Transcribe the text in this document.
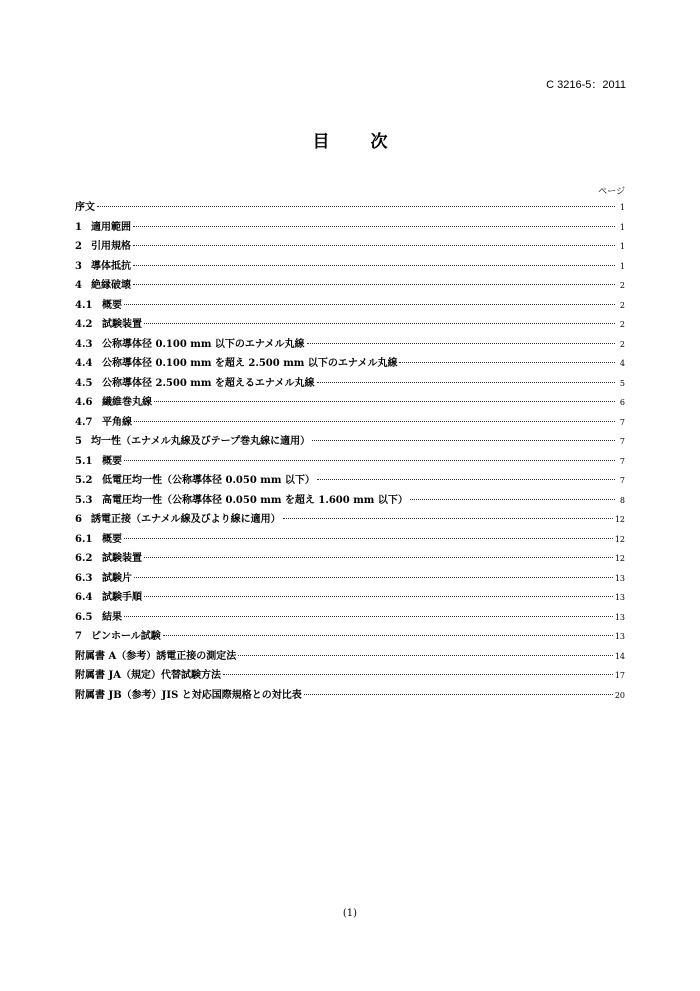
C 3216-5：2011
目　次
ページ
序文	1
1 適用範囲	1
2 引用規格	1
3 導体抵抗	1
4 絶縁破壊	2
4.1 概要	2
4.2 試験装置	2
4.3 公称導体径 0.100 mm 以下のエナメル丸線	2
4.4 公称導体径 0.100 mm を超え 2.500 mm 以下のエナメル丸線	4
4.5 公称導体径 2.500 mm を超えるエナメル丸線	5
4.6 繊維巻丸線	6
4.7 平角線	7
5 均一性（エナメル丸線及びテープ巻丸線に適用）	7
5.1 概要	7
5.2 低電圧均一性（公称導体径 0.050 mm 以下）	7
5.3 高電圧均一性（公称導体径 0.050 mm を超え 1.600 mm 以下）	8
6 誘電正接（エナメル線及びより線に適用）	12
6.1 概要	12
6.2 試験装置	12
6.3 試験片	13
6.4 試験手順	13
6.5 結果	13
7 ピンホール試験	13
附属書 A（参考）誘電正接の測定法	14
附属書 JA（規定）代替試験方法	17
附属書 JB（参考）JIS と対応国際規格との対比表	20
(1)
